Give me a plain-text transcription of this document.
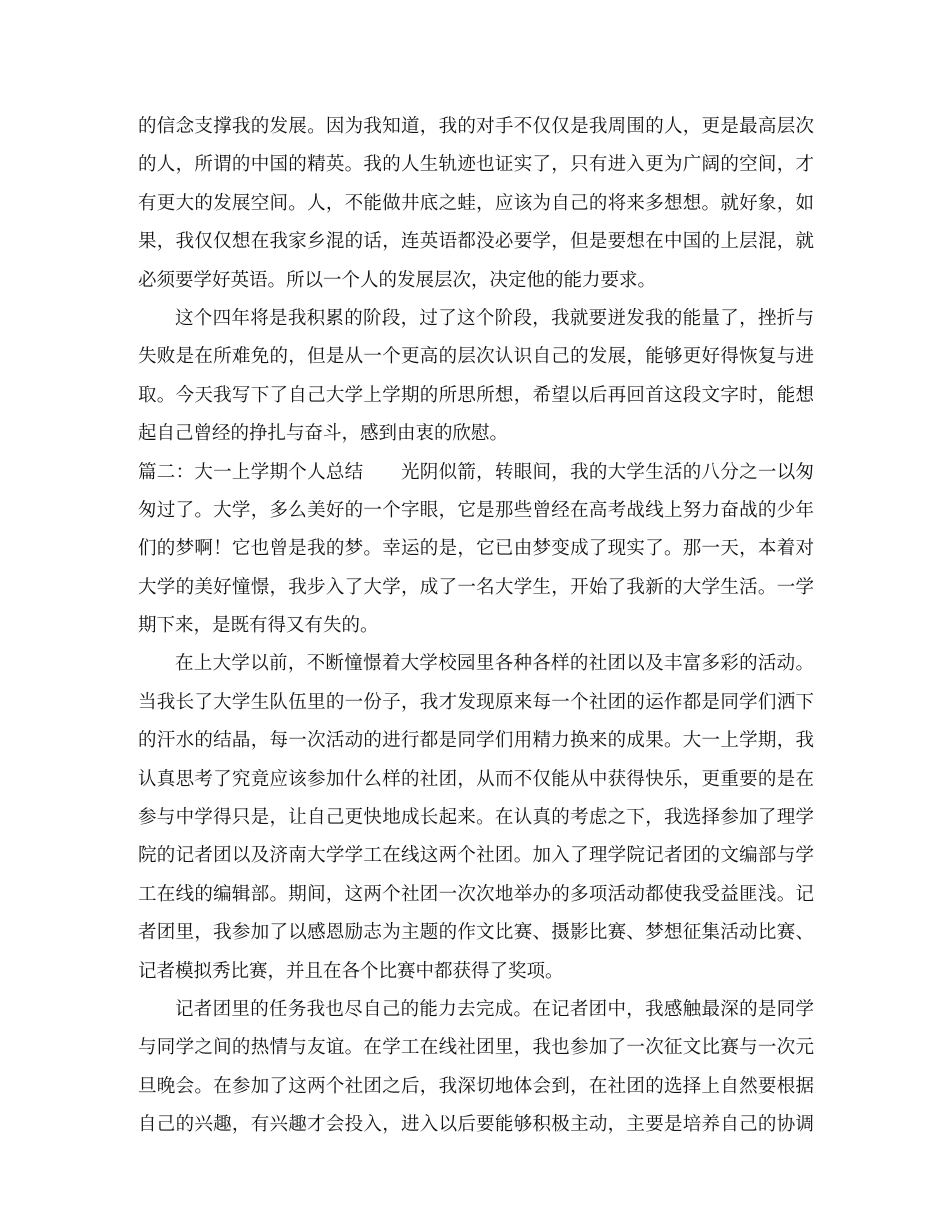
的信念支撑我的发展。因为我知道，我的对手不仅仅是我周围的人，更是最高层次
的人，所谓的中国的精英。我的人生轨迹也证实了，只有进入更为广阔的空间，才
有更大的发展空间。人，不能做井底之蛙，应该为自己的将来多想想。就好象，如
果，我仅仅想在我家乡混的话，连英语都没必要学，但是要想在中国的上层混，就
必须要学好英语。所以一个人的发展层次，决定他的能力要求。
这个四年将是我积累的阶段，过了这个阶段，我就要迸发我的能量了，挫折与
失败是在所难免的，但是从一个更高的层次认识自己的发展，能够更好得恢复与进
取。今天我写下了自己大学上学期的所思所想，希望以后再回首这段文字时，能想
起自己曾经的挣扎与奋斗，感到由衷的欣慰。
篇二：大一上学期个人总结　　光阴似箭，转眼间，我的大学生活的八分之一以匆
匆过了。大学，多么美好的一个字眼，它是那些曾经在高考战线上努力奋战的少年
们的梦啊！它也曾是我的梦。幸运的是，它已由梦变成了现实了。那一天，本着对
大学的美好憧憬，我步入了大学，成了一名大学生，开始了我新的大学生活。一学
期下来，是既有得又有失的。
在上大学以前，不断憧憬着大学校园里各种各样的社团以及丰富多彩的活动。
当我长了大学生队伍里的一份子，我才发现原来每一个社团的运作都是同学们洒下
的汗水的结晶，每一次活动的进行都是同学们用精力换来的成果。大一上学期，我
认真思考了究竟应该参加什么样的社团，从而不仅能从中获得快乐，更重要的是在
参与中学得只是，让自己更快地成长起来。在认真的考虑之下，我选择参加了理学
院的记者团以及济南大学学工在线这两个社团。加入了理学院记者团的文编部与学
工在线的编辑部。期间，这两个社团一次次地举办的多项活动都使我受益匪浅。记
者团里，我参加了以感恩励志为主题的作文比赛、摄影比赛、梦想征集活动比赛、
记者模拟秀比赛，并且在各个比赛中都获得了奖项。
记者团里的任务我也尽自己的能力去完成。在记者团中，我感触最深的是同学
与同学之间的热情与友谊。在学工在线社团里，我也参加了一次征文比赛与一次元
旦晚会。在参加了这两个社团之后，我深切地体会到，在社团的选择上自然要根据
自己的兴趣，有兴趣才会投入，进入以后要能够积极主动，主要是培养自己的协调
